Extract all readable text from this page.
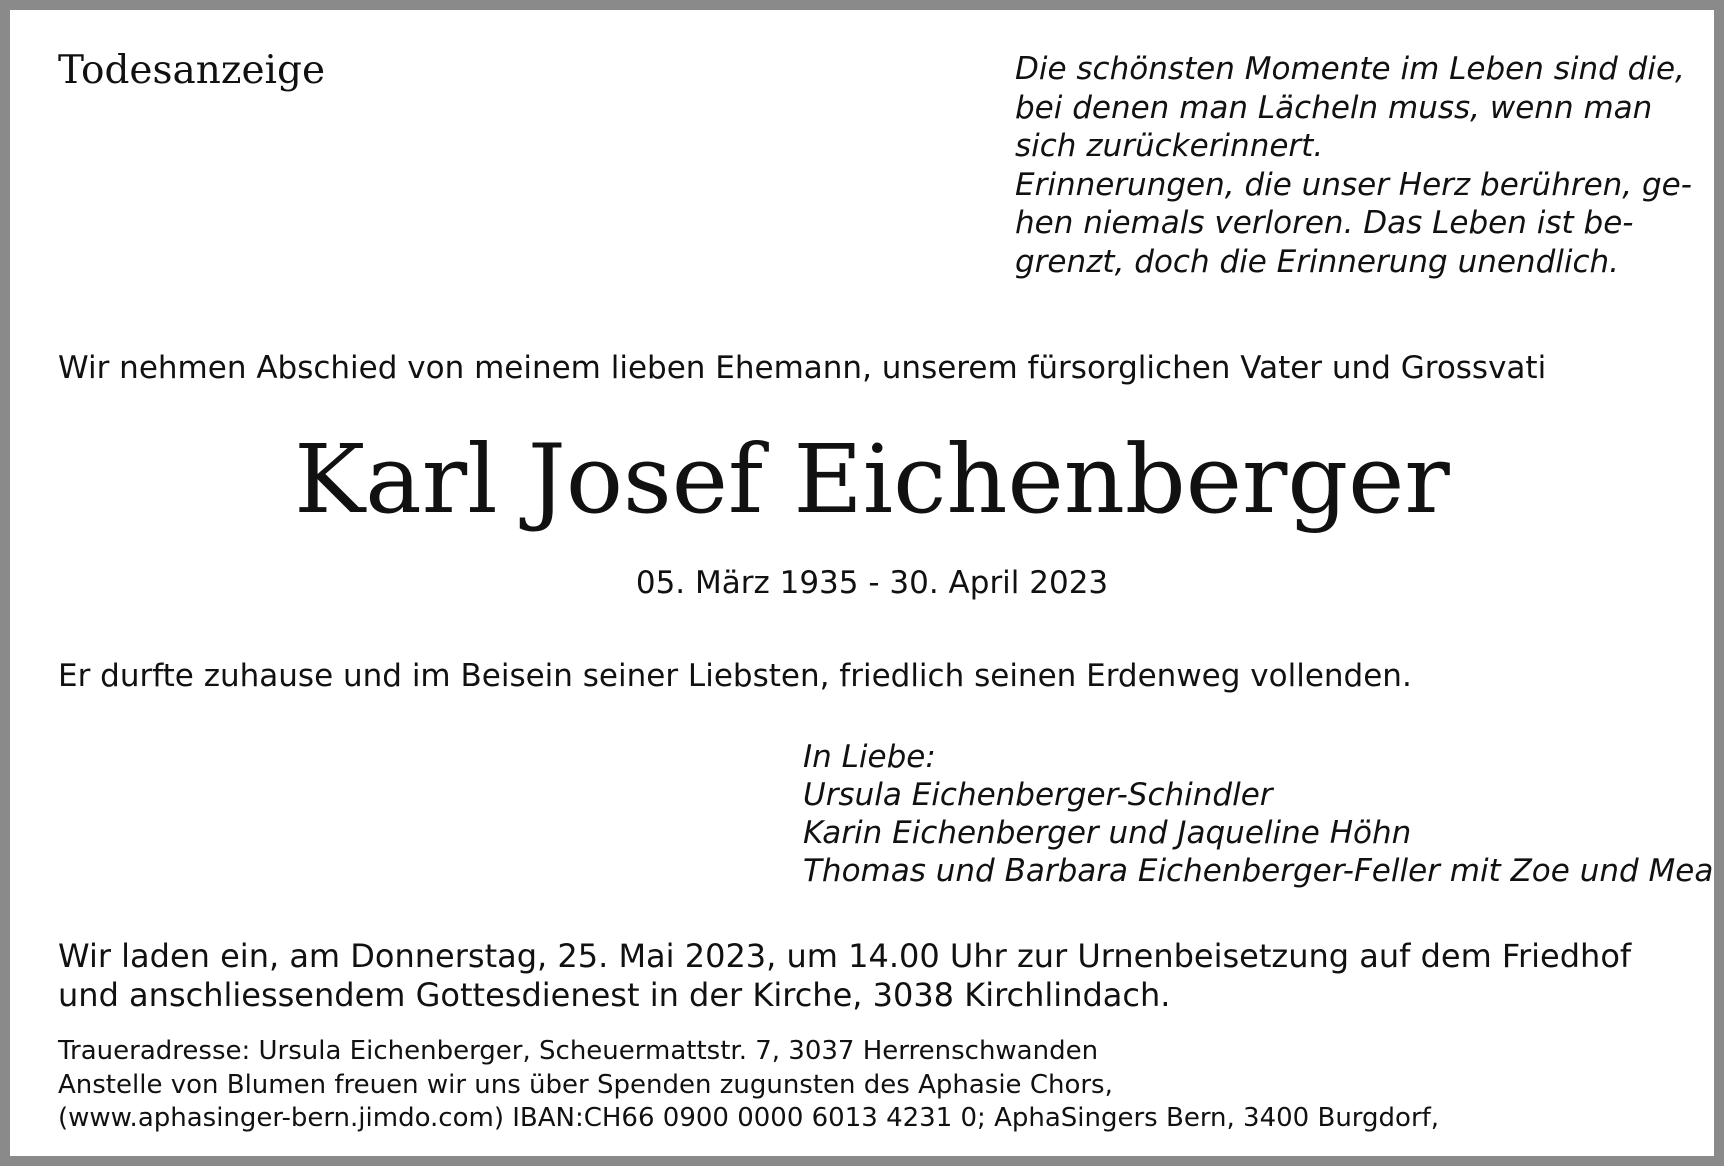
Todesanzeige	Die schönsten Momente im Leben sind die,
bei denen man Lächeln muss, wenn man
sich zurückerinnert.
Erinnerungen, die unser Herz berühren, ge-
hen niemals verloren. Das Leben ist be-
grenzt, doch die Erinnerung unendlich.
Wir nehmen Abschied von meinem lieben Ehemann, unserem fürsorglichen Vater und Grossvati
Karl Josef Eichenberger
05. März 1935 - 30. April 2023
Er durfte zuhause und im Beisein seiner Liebsten, friedlich seinen Erdenweg vollenden.
In Liebe:
Ursula Eichenberger-Schindler
Karin Eichenberger und Jaqueline Höhn
Thomas und Barbara Eichenberger-Feller mit Zoe und Mea
Wir laden ein, am Donnerstag, 25. Mai 2023, um 14.00 Uhr zur Urnenbeisetzung auf dem Friedhof
und anschliessendem Gottesdienest in der Kirche, 3038 Kirchlindach.
Traueradresse: Ursula Eichenberger, Scheuermattstr. 7, 3037 Herrenschwanden
Anstelle von Blumen freuen wir uns über Spenden zugunsten des Aphasie Chors,
(www.aphasinger-bern.jimdo.com) IBAN:CH66 0900 0000 6013 4231 0; AphaSingers Bern, 3400 Burgdorf,
